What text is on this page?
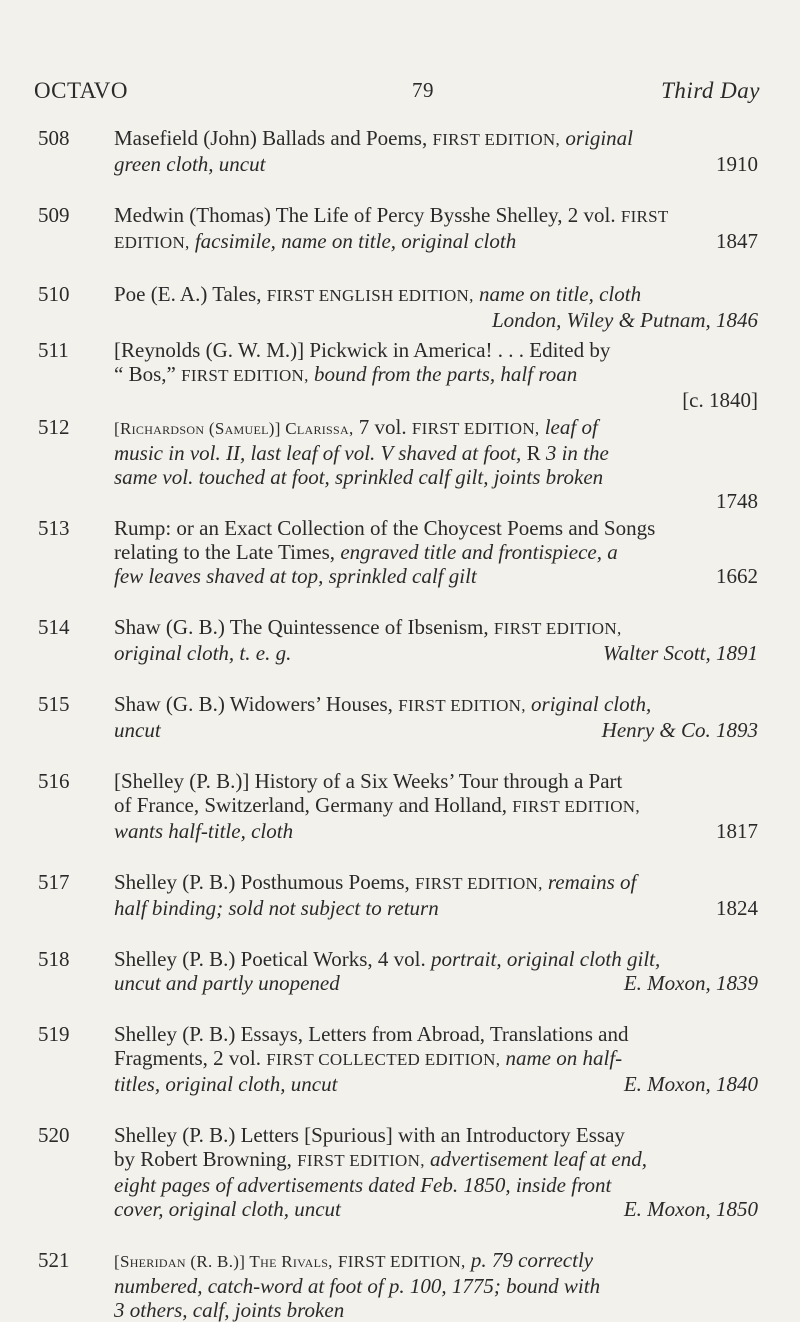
OCTAVO	79	Third Day
508 Masefield (John) Ballads and Poems, FIRST EDITION, original
green cloth, uncut	1910
509 Medwin (Thomas) The Life of Percy Bysshe Shelley, 2 vol. FIRST
EDITION, facsimile, name on title, original cloth	1847
510 Poe (E. A.) Tales, FIRST ENGLISH EDITION, name on title, cloth
London, Wiley & Putnam, 1846
511 [Reynolds (G. W. M.)] Pickwick in America! . . . Edited by
“ Bos,” FIRST EDITION, bound from the parts, half roan
[c. 1840]
512	[Richardson (Samuel)] Clarissa, 7 vol. FIRST EDITION, leaf of
music in vol. II, last leaf of vol. V shaved at foot, R 3 in the
same vol. touched at foot, sprinkled calf gilt, joints broken
1748
513 Rump: or an Exact Collection of the Choycest Poems and Songs
relating to the Late Times, engraved title and frontispiece, a
few leaves shaved at top, sprinkled calf gilt	1662
514 Shaw (G. B.) The Quintessence of Ibsenism, FIRST EDITION,
original cloth, t. e. g.	Walter Scott, 1891
515 Shaw (G. B.) Widowers’ Houses, FIRST EDITION, original cloth,
uncut	Henry & Co. 1893
516 [Shelley (P. B.)] History of a Six Weeks’ Tour through a Part
of France, Switzerland, Germany and Holland, FIRST EDITION,
wants half-title, cloth	1817
517 Shelley (P. B.) Posthumous Poems, FIRST EDITION, remains of
half binding; sold not subject to return	1824
518 Shelley (P. B.) Poetical Works, 4 vol. portrait, original cloth gilt,
uncut and partly unopened	E. Moxon, 1839
519 Shelley (P. B.) Essays, Letters from Abroad, Translations and
Fragments, 2 vol. FIRST COLLECTED EDITION, name on half-
titles, original cloth, uncut	E. Moxon, 1840
520 Shelley (P. B.) Letters [Spurious] with an Introductory Essay
by Robert Browning, FIRST EDITION, advertisement leaf at end,
eight pages of advertisements dated Feb. 1850, inside front
cover, original cloth, uncut	E. Moxon, 1850
521	[Sheridan (R. B.)] The Rivals, FIRST EDITION, p. 79 correctly
numbered, catch-word at foot of p. 100, 1775; bound with
3 others, calf, joints broken
